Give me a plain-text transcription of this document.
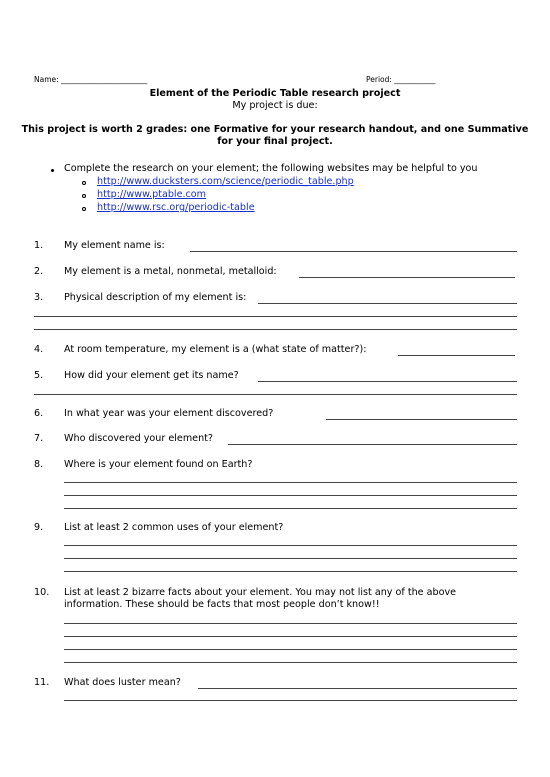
Name: _______________________	Period: ___________
Element of the Periodic Table research project
My project is due:
This project is worth 2 grades: one Formative for your research handout, and one Summative
for your final project.
Complete the research on your element; the following websites may be helpful to you
http://www.ducksters.com/science/periodic_table.php
http://www.ptable.com
http://www.rsc.org/periodic-table
1. My element name is:
2. My element is a metal, nonmetal, metalloid:
3. Physical description of my element is:
4. At room temperature, my element is a (what state of matter?):
5. How did your element get its name?
6. In what year was your element discovered?
7. Who discovered your element?
8. Where is your element found on Earth?
9. List at least 2 common uses of your element?
10. List at least 2 bizarre facts about your element. You may not list any of the above
information. These should be facts that most people don’t know!!
11. What does luster mean?
